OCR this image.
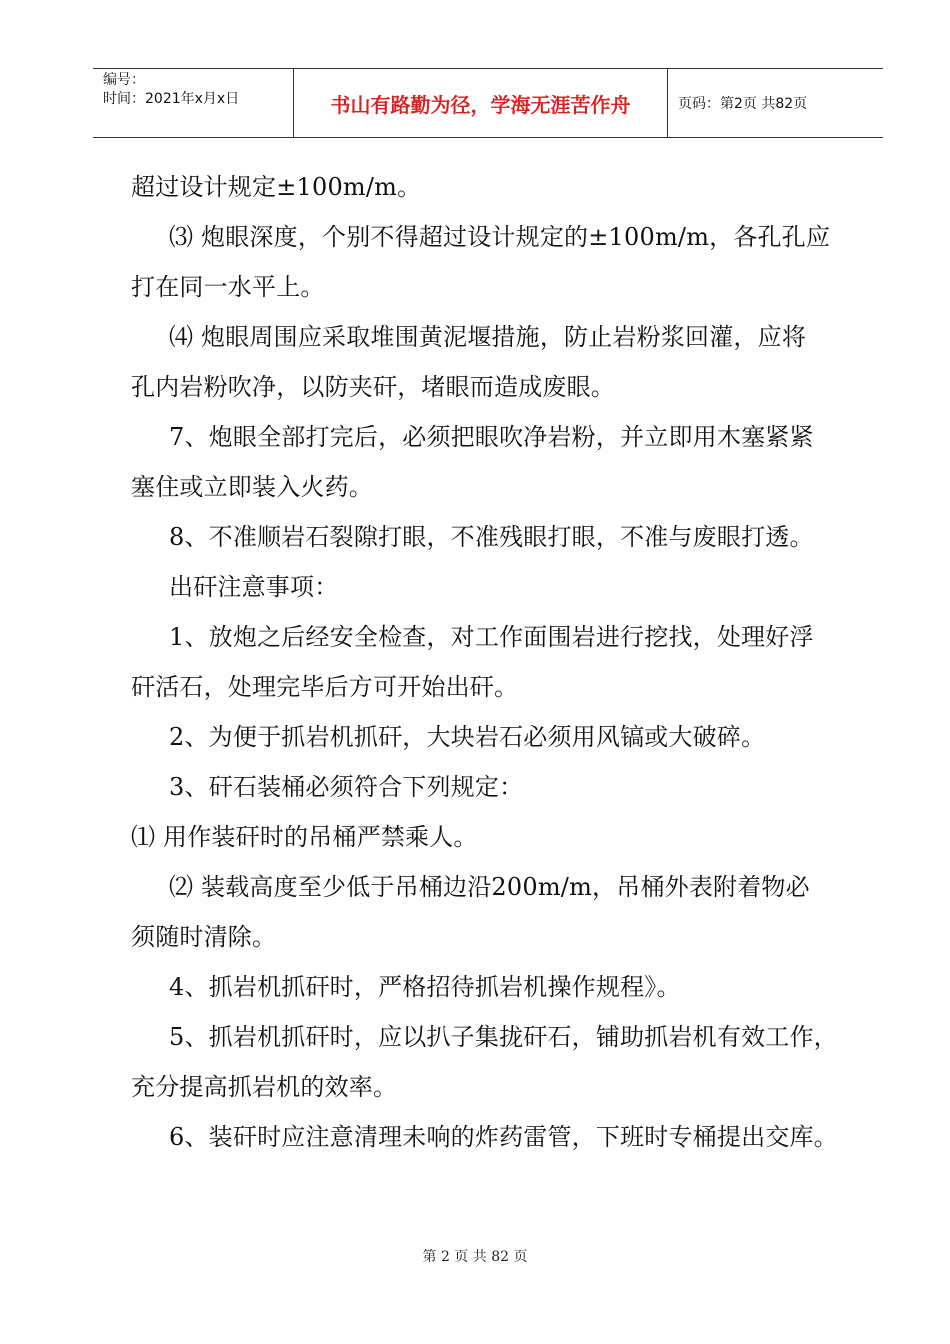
编号：
时间：2021年x月x日	书山有路勤为径，学海无涯苦作舟	页码：第2页 共82页
超过设计规定±100m/m。
⑶ 炮眼深度，个别不得超过设计规定的±100m/m，各孔孔应
打在同一水平上。
⑷ 炮眼周围应采取堆围黄泥堰措施，防止岩粉浆回灌，应将
孔内岩粉吹净，以防夹矸，堵眼而造成废眼。
7、炮眼全部打完后，必须把眼吹净岩粉，并立即用木塞紧紧
塞住或立即装入火药。
8、不准顺岩石裂隙打眼，不准残眼打眼，不准与废眼打透。
出矸注意事项：
1、放炮之后经安全检查，对工作面围岩进行挖找，处理好浮
矸活石，处理完毕后方可开始出矸。
2、为便于抓岩机抓矸，大块岩石必须用风镐或大破碎。
3、矸石装桶必须符合下列规定：
⑴ 用作装矸时的吊桶严禁乘人。
⑵ 装载高度至少低于吊桶边沿200m/m，吊桶外表附着物必
须随时清除。
4、抓岩机抓矸时，严格招待抓岩机操作规程》。
5、抓岩机抓矸时，应以扒子集拢矸石，铺助抓岩机有效工作，
充分提高抓岩机的效率。
6、装矸时应注意清理未响的炸药雷管，下班时专桶提出交库。
第 2 页 共 82 页
